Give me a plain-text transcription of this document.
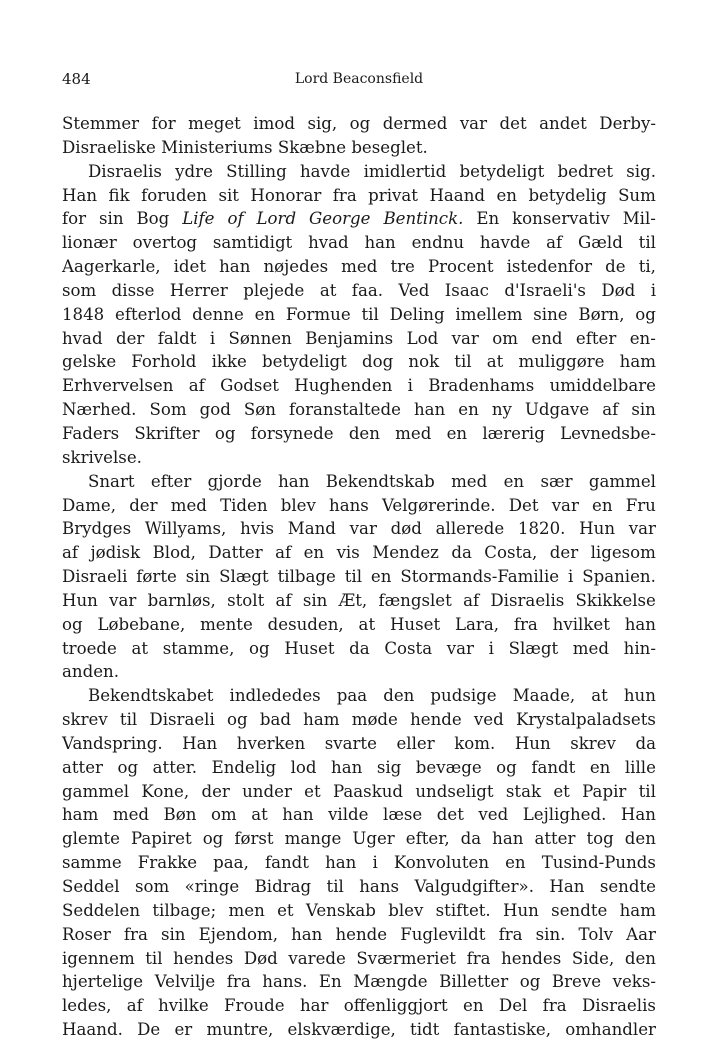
484	Lord Beaconsfield
Stemmer for meget imod sig, og dermed var det andet Derby-
Disraeliske Ministeriums Skæbne beseglet.
Disraelis ydre Stilling havde imidlertid betydeligt bedret sig.
Han fik foruden sit Honorar fra privat Haand en betydelig Sum
for sin Bog Life of Lord George Bentinck. En konservativ Mil-
lionær overtog samtidigt hvad han endnu havde af Gæld til
Aagerkarle, idet han nøjedes med tre Procent istedenfor de ti,
som disse Herrer plejede at faa. Ved Isaac d'Israeli's Død i
1848 efterlod denne en Formue til Deling imellem sine Børn, og
hvad der faldt i Sønnen Benjamins Lod var om end efter en-
gelske Forhold ikke betydeligt dog nok til at muliggøre ham
Erhvervelsen af Godset Hughenden i Bradenhams umiddelbare
Nærhed. Som god Søn foranstaltede han en ny Udgave af sin
Faders Skrifter og forsynede den med en lærerig Levnedsbe-
skrivelse.
Snart efter gjorde han Bekendtskab med en sær gammel
Dame, der med Tiden blev hans Velgørerinde. Det var en Fru
Brydges Willyams, hvis Mand var død allerede 1820. Hun var
af jødisk Blod, Datter af en vis Mendez da Costa, der ligesom
Disraeli førte sin Slægt tilbage til en Stormands-Familie i Spanien.
Hun var barnløs, stolt af sin Æt, fængslet af Disraelis Skikkelse
og Løbebane, mente desuden, at Huset Lara, fra hvilket han
troede at stamme, og Huset da Costa var i Slægt med hin-
anden.
Bekendtskabet indlededes paa den pudsige Maade, at hun
skrev til Disraeli og bad ham møde hende ved Krystalpaladsets
Vandspring. Han hverken svarte eller kom. Hun skrev da
atter og atter. Endelig lod han sig bevæge og fandt en lille
gammel Kone, der under et Paaskud undseligt stak et Papir til
ham med Bøn om at han vilde læse det ved Lejlighed. Han
glemte Papiret og først mange Uger efter, da han atter tog den
samme Frakke paa, fandt han i Konvoluten en Tusind-Punds
Seddel som «ringe Bidrag til hans Valgudgifter». Han sendte
Seddelen tilbage; men et Venskab blev stiftet. Hun sendte ham
Roser fra sin Ejendom, han hende Fuglevildt fra sin. Tolv Aar
igennem til hendes Død varede Sværmeriet fra hendes Side, den
hjertelige Velvilje fra hans. En Mængde Billetter og Breve veks-
ledes, af hvilke Froude har offenliggjort en Del fra Disraelis
Haand. De er muntre, elskværdige, tidt fantastiske, omhandler
